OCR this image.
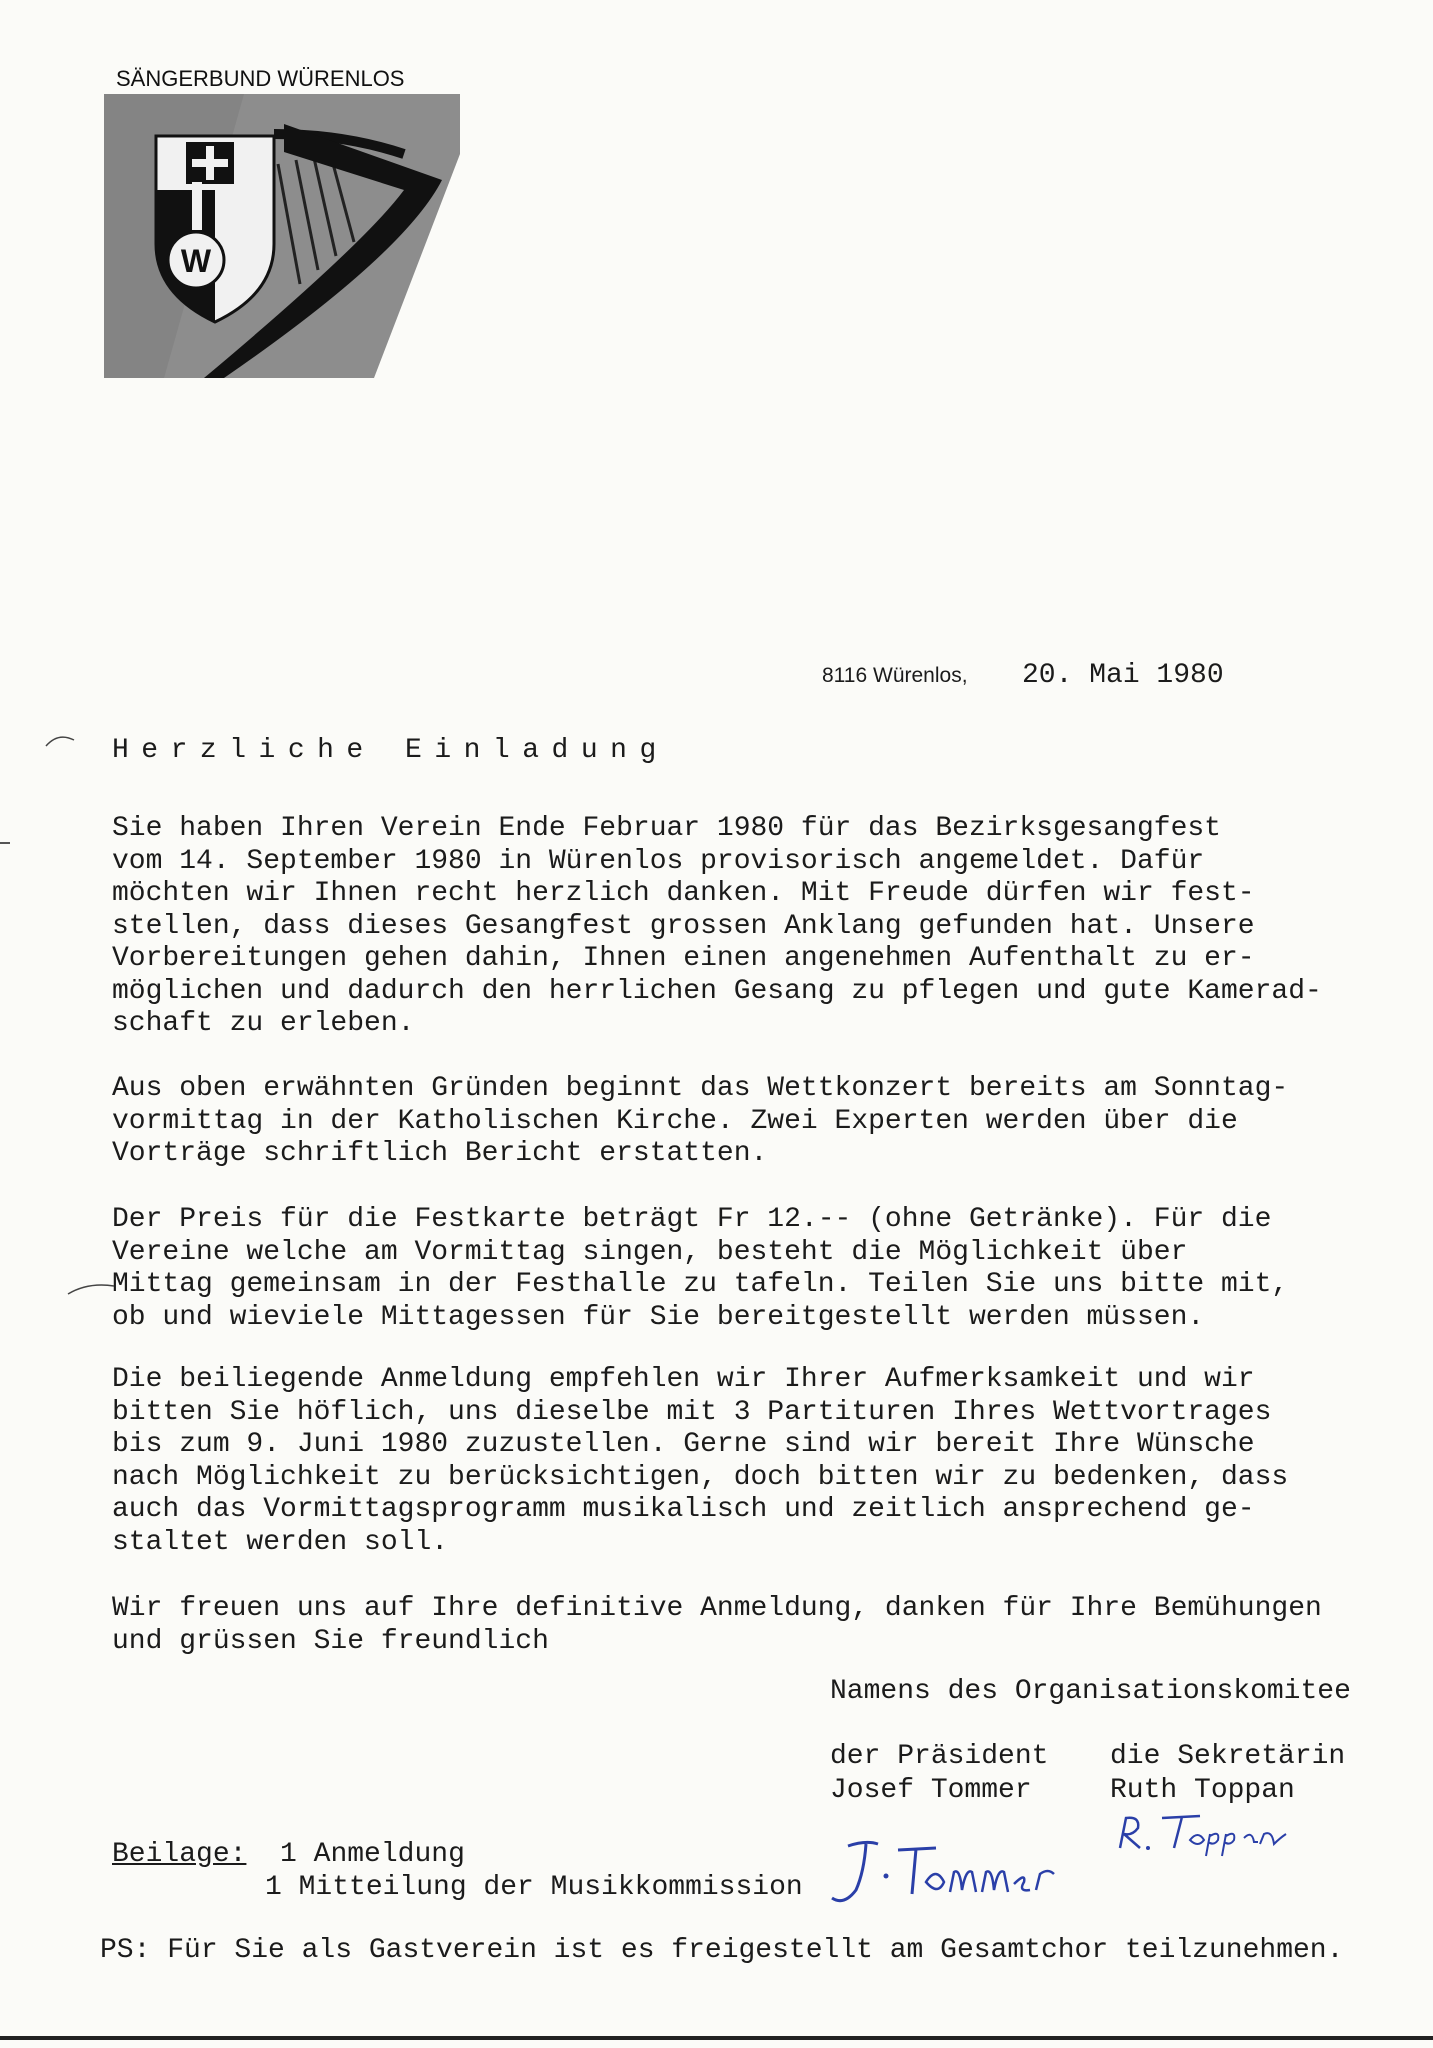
SÄNGERBUND WÜRENLOS
W
8116 Würenlos, 20. Mai 1980
Herzliche Einladung
Sie haben Ihren Verein Ende Februar 1980 für das Bezirksgesangfest
vom 14. September 1980 in Würenlos provisorisch angemeldet. Dafür
möchten wir Ihnen recht herzlich danken. Mit Freude dürfen wir fest-
stellen, dass dieses Gesangfest grossen Anklang gefunden hat. Unsere
Vorbereitungen gehen dahin, Ihnen einen angenehmen Aufenthalt zu er-
möglichen und dadurch den herrlichen Gesang zu pflegen und gute Kamerad-
schaft zu erleben.
Aus oben erwähnten Gründen beginnt das Wettkonzert bereits am Sonntag-
vormittag in der Katholischen Kirche. Zwei Experten werden über die
Vorträge schriftlich Bericht erstatten.
Der Preis für die Festkarte beträgt Fr 12.-- (ohne Getränke). Für die
Vereine welche am Vormittag singen, besteht die Möglichkeit über
Mittag gemeinsam in der Festhalle zu tafeln. Teilen Sie uns bitte mit,
ob und wieviele Mittagessen für Sie bereitgestellt werden müssen.
Die beiliegende Anmeldung empfehlen wir Ihrer Aufmerksamkeit und wir
bitten Sie höflich, uns dieselbe mit 3 Partituren Ihres Wettvortrages
bis zum 9. Juni 1980 zuzustellen. Gerne sind wir bereit Ihre Wünsche
nach Möglichkeit zu berücksichtigen, doch bitten wir zu bedenken, dass
auch das Vormittagsprogramm musikalisch und zeitlich ansprechend ge-
staltet werden soll.
Wir freuen uns auf Ihre definitive Anmeldung, danken für Ihre Bemühungen
und grüssen Sie freundlich
Namens des Organisationskomitee
der Präsident
Josef Tommer
die Sekretärin
Ruth Toppan
Beilage: 1 Anmeldung
1 Mitteilung der Musikkommission
PS: Für Sie als Gastverein ist es freigestellt am Gesamtchor teilzunehmen.
